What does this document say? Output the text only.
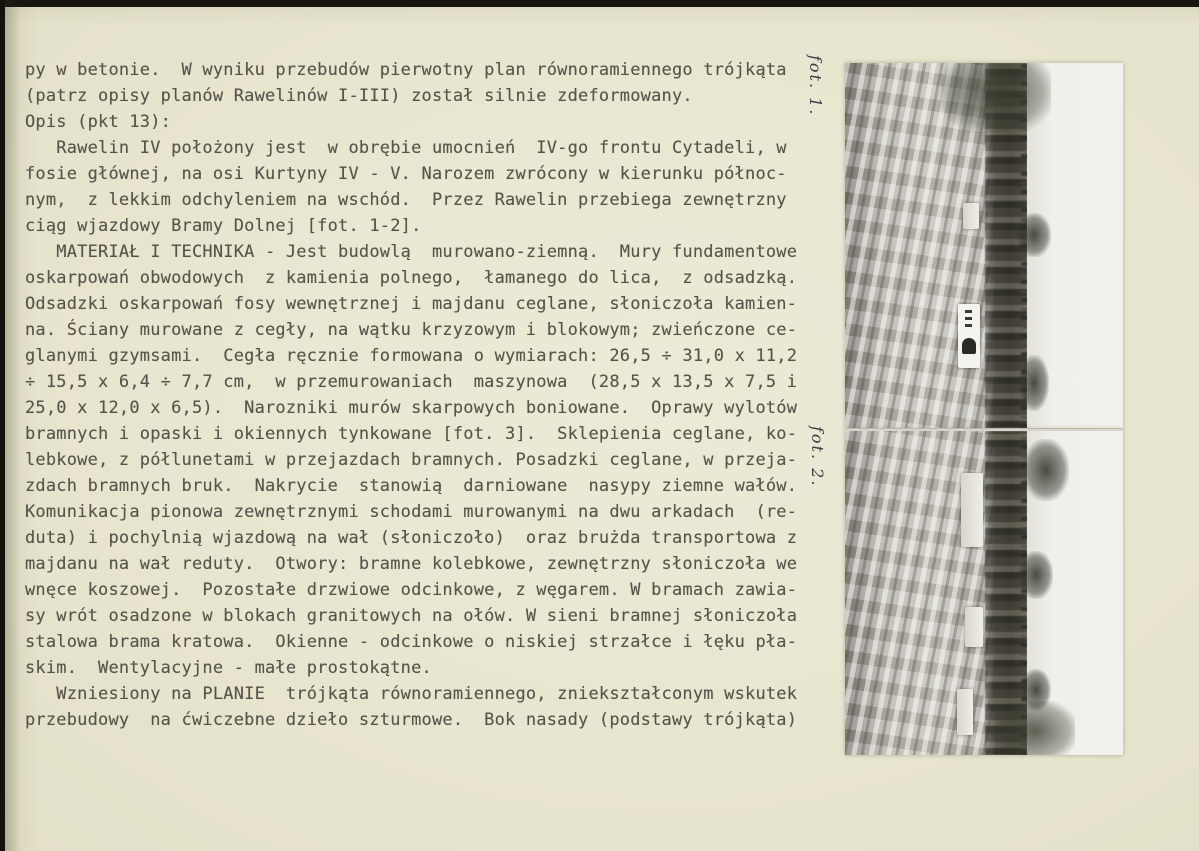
py w betonie.  W wyniku przebudów pierwotny plan równoramiennego trójkąta
(patrz opisy planów Rawelinów I-III) został silnie zdeformowany.
Opis (pkt 13):
Rawelin IV położony jest  w obrębie umocnień  IV-go frontu Cytadeli, w
fosie głównej, na osi Kurtyny IV - V. Narozem zwrócony w kierunku północ-
nym,  z lekkim odchyleniem na wschód.  Przez Rawelin przebiega zewnętrzny
ciąg wjazdowy Bramy Dolnej [fot. 1-2].
MATERIAŁ I TECHNIKA - Jest budowlą  murowano-ziemną.  Mury fundamentowe
oskarpowań obwodowych  z kamienia polnego,  łamanego do lica,  z odsadzką.
Odsadzki oskarpowań fosy wewnętrznej i majdanu ceglane, słoniczoła kamien-
na. Ściany murowane z cegły, na wątku krzyzowym i blokowym; zwieńczone ce-
glanymi gzymsami.  Cegła ręcznie formowana o wymiarach: 26,5 ÷ 31,0 x 11,2
÷ 15,5 x 6,4 ÷ 7,7 cm,  w przemurowaniach  maszynowa  (28,5 x 13,5 x 7,5 i
25,0 x 12,0 x 6,5).  Narozniki murów skarpowych boniowane.  Oprawy wylotów
bramnych i opaski i okiennych tynkowane [fot. 3].  Sklepienia ceglane, ko-
lebkowe, z półlunetami w przejazdach bramnych. Posadzki ceglane, w przeja-
zdach bramnych bruk.  Nakrycie  stanowią  darniowane  nasypy ziemne wałów.
Komunikacja pionowa zewnętrznymi schodami murowanymi na dwu arkadach  (re-
duta) i pochylnią wjazdową na wał (słoniczoło)  oraz brużda transportowa z
majdanu na wał reduty.  Otwory: bramne kolebkowe, zewnętrzny słoniczoła we
wnęce koszowej.  Pozostałe drzwiowe odcinkowe, z węgarem. W bramach zawia-
sy wrót osadzone w blokach granitowych na ołów. W sieni bramnej słoniczoła
stalowa brama kratowa.  Okienne - odcinkowe o niskiej strzałce i łęku pła-
skim.  Wentylacyjne - małe prostokątne.
Wzniesiony na PLANIE  trójkąta równoramiennego, zniekształconym wskutek
przebudowy  na ćwiczebne dzieło szturmowe.  Bok nasady (podstawy trójkąta)
fot. 1.
fot. 2.
